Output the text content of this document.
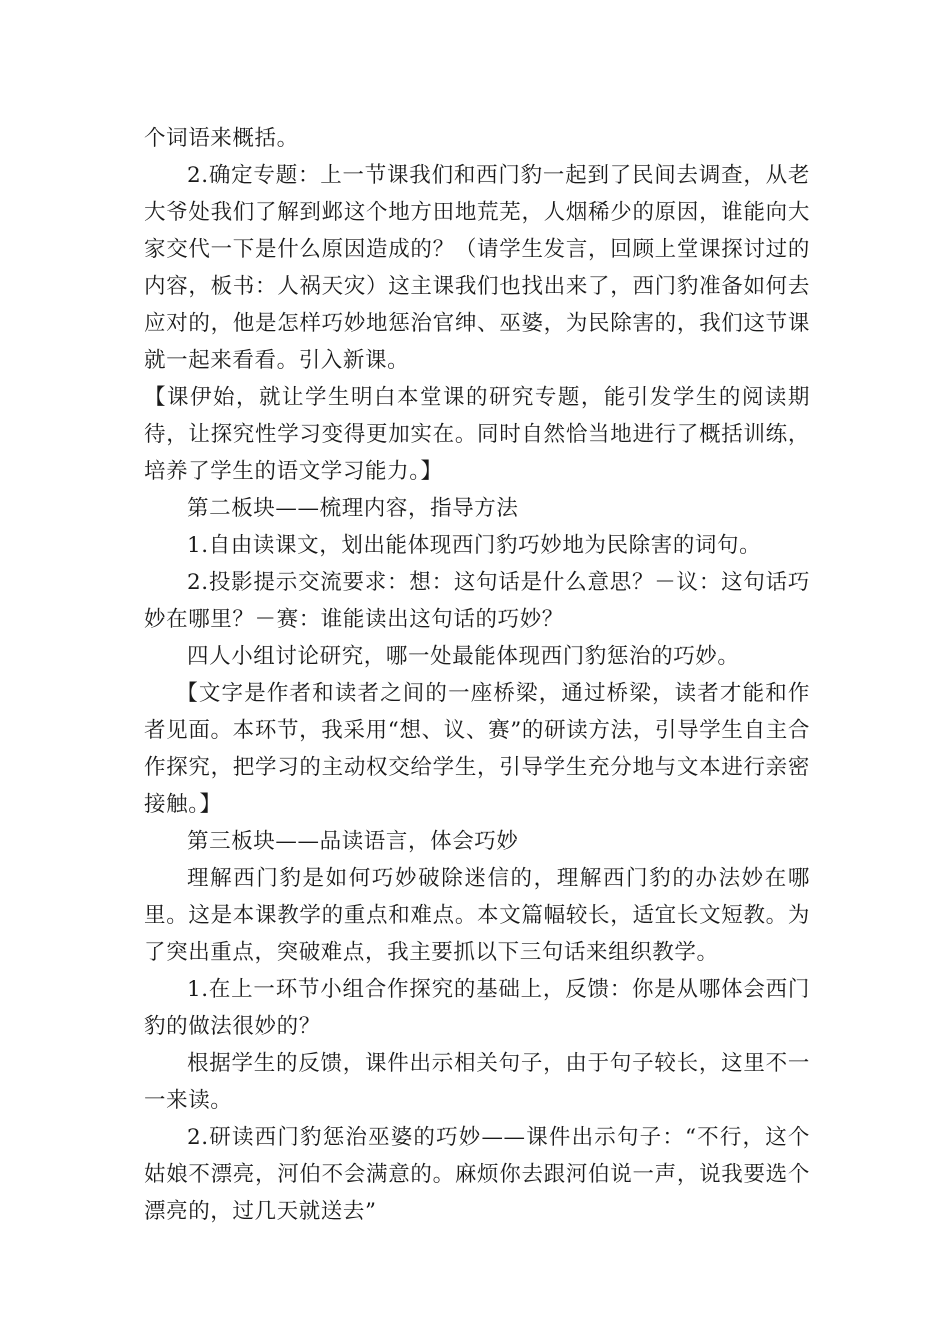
个词语来概括。

2.确定专题：上一节课我们和西门豹一起到了民间去调查，从老大爷处我们了解到邺这个地方田地荒芜，人烟稀少的原因，谁能向大家交代一下是什么原因造成的？（请学生发言，回顾上堂课探讨过的内容，板书：人祸天灾）这主课我们也找出来了，西门豹准备如何去应对的，他是怎样巧妙地惩治官绅、巫婆，为民除害的，我们这节课就一起来看看。引入新课。

【课伊始，就让学生明白本堂课的研究专题，能引发学生的阅读期待，让探究性学习变得更加实在。同时自然恰当地进行了概括训练，培养了学生的语文学习能力。】

第二板块——梳理内容，指导方法

1.自由读课文，划出能体现西门豹巧妙地为民除害的词句。

2.投影提示交流要求：想：这句话是什么意思？－议：这句话巧妙在哪里？－赛：谁能读出这句话的巧妙？

四人小组讨论研究，哪一处最能体现西门豹惩治的巧妙。

【文字是作者和读者之间的一座桥梁，通过桥梁，读者才能和作者见面。本环节，我采用“想、议、赛”的研读方法，引导学生自主合作探究，把学习的主动权交给学生，引导学生充分地与文本进行亲密接触。】

第三板块——品读语言，体会巧妙

理解西门豹是如何巧妙破除迷信的，理解西门豹的办法妙在哪里。这是本课教学的重点和难点。本文篇幅较长，适宜长文短教。为了突出重点，突破难点，我主要抓以下三句话来组织教学。

1.在上一环节小组合作探究的基础上，反馈：你是从哪体会西门豹的做法很妙的？

根据学生的反馈，课件出示相关句子，由于句子较长，这里不一一来读。

2.研读西门豹惩治巫婆的巧妙——课件出示句子：“不行，这个姑娘不漂亮，河伯不会满意的。麻烦你去跟河伯说一声，说我要选个漂亮的，过几天就送去”
